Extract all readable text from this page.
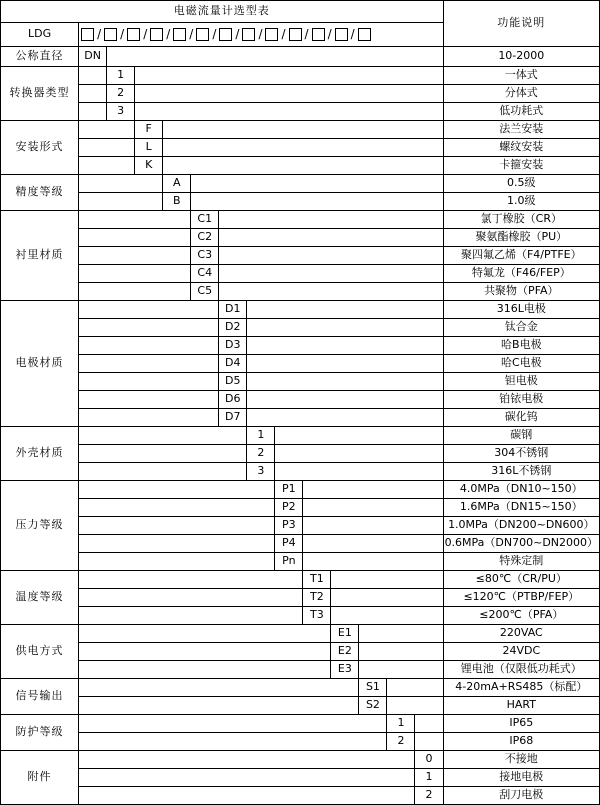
电磁流量计选型表														功能说明
LDG	/ / / / / / / / / / / /

公称直径	DN													10-2000
转换器类型		1												一体式
		2												分体式
		3												低功耗式
安装形式			F											法兰安装
			L											螺纹安装
			K											卡箍安装
精度等级				A										0.5级
				B										1.0级
衬里材质					C1									氯丁橡胶（CR）
					C2									聚氨酯橡胶（PU）
					C3									聚四氟乙烯（F4/PTFE）
					C4									特氟龙（F46/FEP）
					C5									共聚物（PFA）
电极材质						D1								316L电极
						D2								钛合金
						D3								哈B电极
						D4								哈C电极
						D5								钽电极
						D6								铂铱电极
						D7								碳化钨
外壳材质							1							碳钢
							2							304不锈钢
							3							316L不锈钢
压力等级								P1						4.0MPa（DN10~150）
								P2						1.6MPa（DN15~150）
								P3						1.0MPa（DN200~DN600）
								P4						0.6MPa（DN700~DN2000）
								Pn						特殊定制
温度等级									T1					≤80℃（CR/PU）
									T2					≤120℃（PTBP/FEP）
									T3					≤200℃（PFA）
供电方式										E1				220VAC
										E2				24VDC
										E3				锂电池（仅限低功耗式）
信号输出											S1			4-20mA+RS485（标配）
											S2			HART
防护等级												1		IP65
												2		IP68
附件													0	不接地
													1	接地电极
													2	刮刀电极
